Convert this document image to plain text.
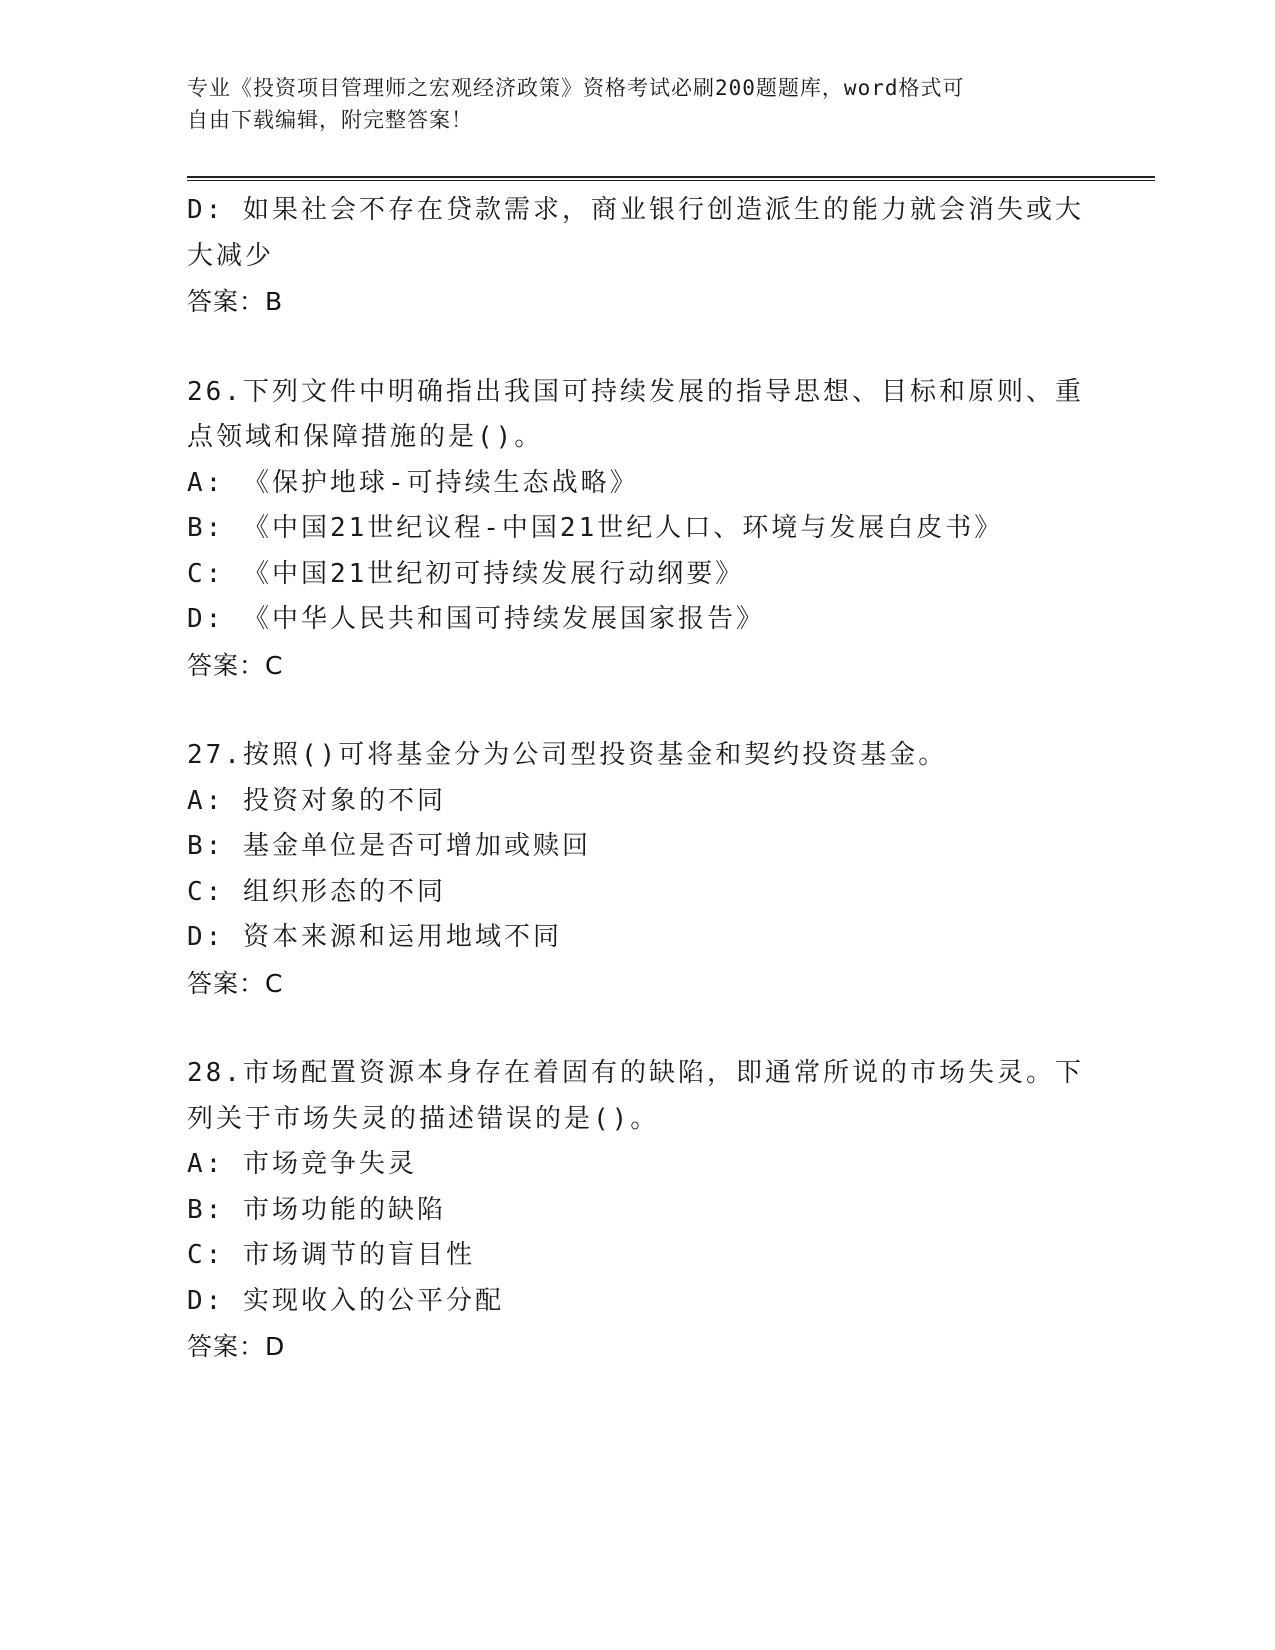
专业《投资项目管理师之宏观经济政策》资格考试必刷200题题库，word格式可
自由下载编辑，附完整答案！
D: 如果社会不存在贷款需求，商业银行创造派生的能力就会消失或大
大减少
答案：B
26.下列文件中明确指出我国可持续发展的指导思想、目标和原则、重
点领域和保障措施的是()。
A: 《保护地球-可持续生态战略》
B: 《中国21世纪议程-中国21世纪人口、环境与发展白皮书》
C: 《中国21世纪初可持续发展行动纲要》
D: 《中华人民共和国可持续发展国家报告》
答案：C
27.按照()可将基金分为公司型投资基金和契约投资基金。
A: 投资对象的不同
B: 基金单位是否可增加或赎回
C: 组织形态的不同
D: 资本来源和运用地域不同
答案：C
28.市场配置资源本身存在着固有的缺陷，即通常所说的市场失灵。下
列关于市场失灵的描述错误的是()。
A: 市场竞争失灵
B: 市场功能的缺陷
C: 市场调节的盲目性
D: 实现收入的公平分配
答案：D
